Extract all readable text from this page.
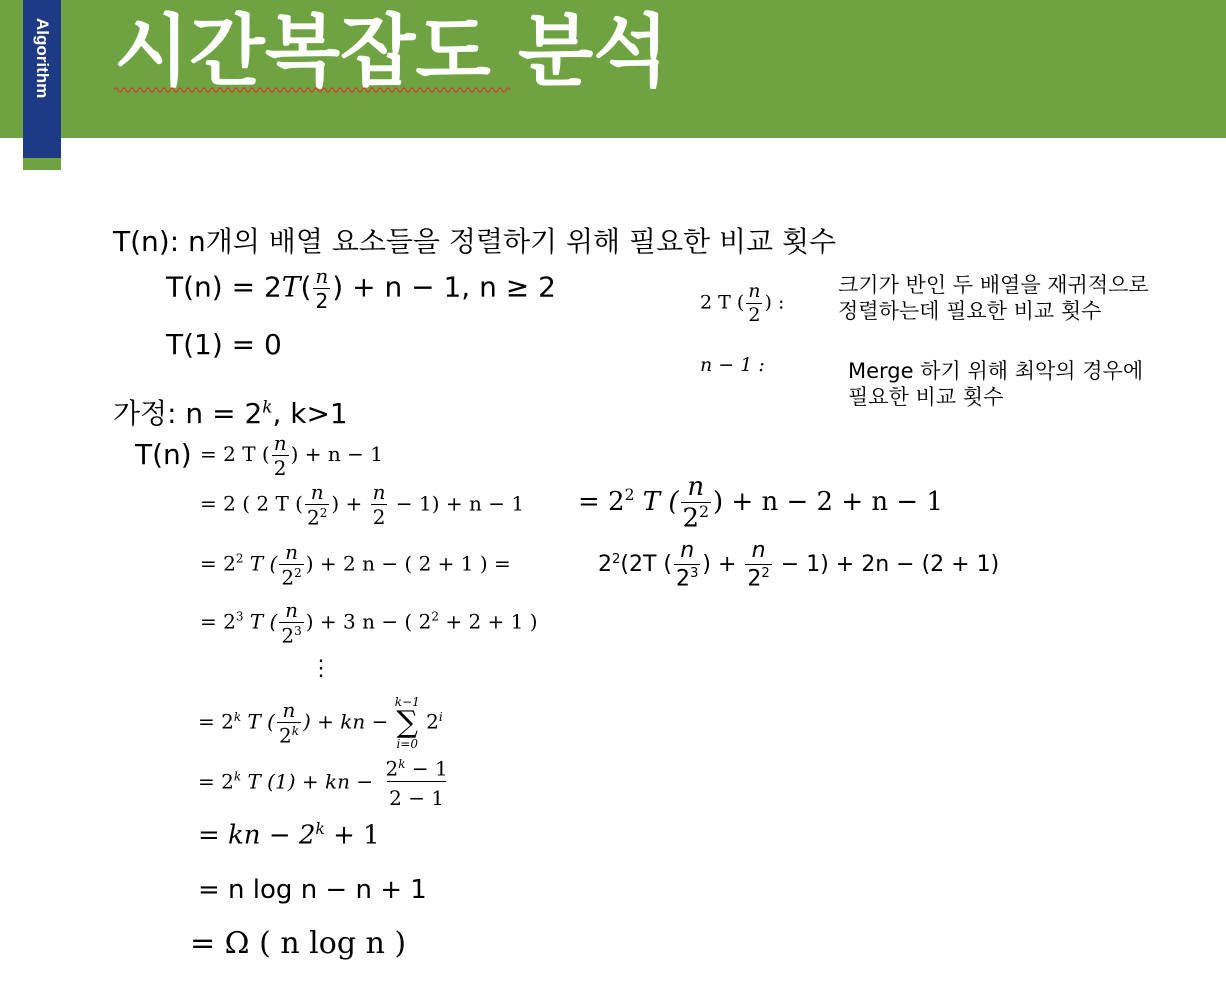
Algorithm 시간복잡도 분석
T(n): n개의 배열 요소들을 정렬하기 위해 필요한 비교 횟수
$T(n) = 2T( \frac{n}{2}$ ) + n − 1, n ≥ 2
T(1) = 0
2 T ( $\frac{n}{2}$ ) :
크기가 반인 두 배열을 재귀적으로
정렬하는데 필요한 비교 횟수
n − 1 :	Merge 하기 위해 최악의 경우에
필요한 비교 횟수
가정: $n = 2^k$, k>1
T(n) = 2 T ( $\frac{n}{2}$ ) + n − 1
= 2 ( 2 T ( $\frac{n}{2^2}$ ) + $\frac{n}{2} - 1) + n - 1 = 2^2$ T ( $\frac{n}{2^2}$ ) + n − 2 + n − 1
= $2^2$ T ( $\frac{n}{2^2}$ ) + 2 n − ( 2 + 1 ) =	$2^2(2T$ ( $\frac{n}{2^3}$ ) + $\frac{n}{2^2} - 1) + 2n - (2 + 1)$
= $2^3$ T ( $\frac{n}{2^3}$ ) + 3 n − ( $2^2 + 2 + 1$ )
⋮
= $2^k$ T ( $\frac{n}{2^k}$ ) + kn −
k−1
∑
i=0
$2^i$
= $2^k$ T (1) + kn − $\frac{2^k - 1}{2 - 1}$
= kn − $2^k + 1$
= n log n − n + 1
= Ω ( n log n )
